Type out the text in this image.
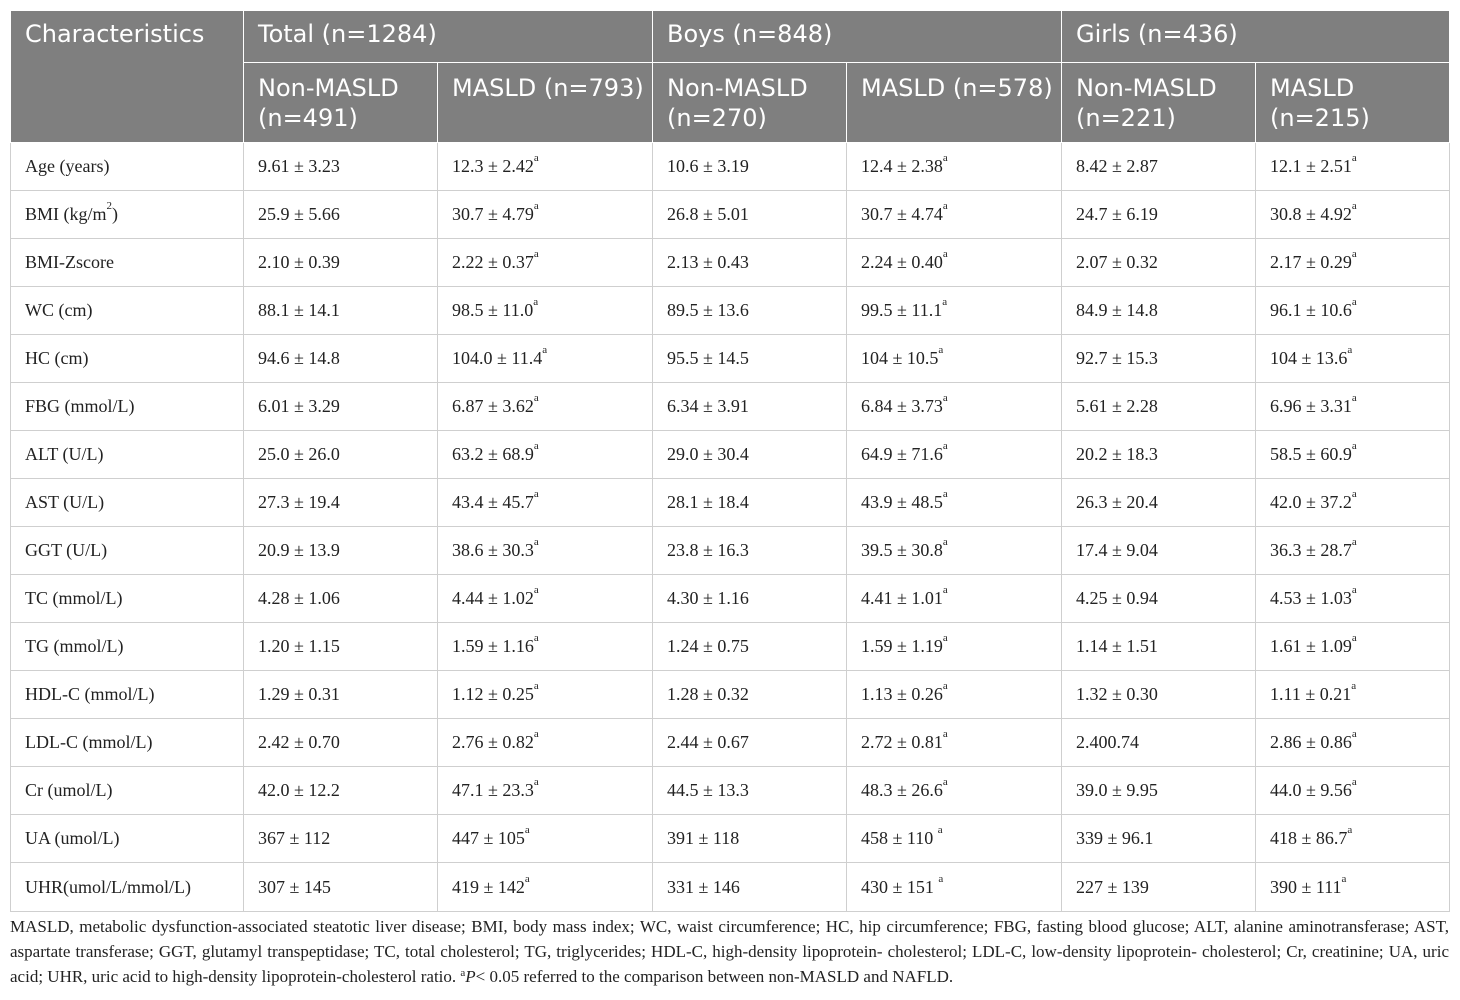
Characteristics	Total (n=1284)		Boys (n=848)		Girls (n=436)	
	Non-MASLD (n=491)	MASLD (n=793)	Non-MASLD (n=270)	MASLD (n=578)	Non-MASLD (n=221)	MASLD (n=215)
Age (years)	9.61 ± 3.23	12.3 ± 2.42$^a$	10.6 ± 3.19	12.4 ± 2.38$^a$	8.42 ± 2.87	12.1 ± 2.51$^a$
BMI $(kg/m^2)$	25.9 ± 5.66	30.7 ± 4.79$^a$	26.8 ± 5.01	30.7 ± 4.74$^a$	24.7 ± 6.19	30.8 ± 4.92$^a$
BMI-Zscore	2.10 ± 0.39	2.22 ± 0.37$^a$	2.13 ± 0.43	2.24 ± 0.40$^a$	2.07 ± 0.32	2.17 ± 0.29$^a$
WC (cm)	88.1 ± 14.1	98.5 ± 11.0$^a$	89.5 ± 13.6	99.5 ± 11.1$^a$	84.9 ± 14.8	96.1 ± 10.6$^a$
HC (cm)	94.6 ± 14.8	104.0 ± 11.4$^a$	95.5 ± 14.5	104 ± 10.5$^a$	92.7 ± 15.3	104 ± 13.6$^a$
FBG (mmol/L)	6.01 ± 3.29	6.87 ± 3.62$^a$	6.34 ± 3.91	6.84 ± 3.73$^a$	5.61 ± 2.28	6.96 ± 3.31$^a$
ALT (U/L)	25.0 ± 26.0	63.2 ± 68.9$^a$	29.0 ± 30.4	64.9 ± 71.6$^a$	20.2 ± 18.3	58.5 ± 60.9$^a$
AST (U/L)	27.3 ± 19.4	43.4 ± 45.7$^a$	28.1 ± 18.4	43.9 ± 48.5$^a$	26.3 ± 20.4	42.0 ± 37.2$^a$
GGT (U/L)	20.9 ± 13.9	38.6 ± 30.3$^a$	23.8 ± 16.3	39.5 ± 30.8$^a$	17.4 ± 9.04	36.3 ± 28.7$^a$
TC (mmol/L)	4.28 ± 1.06	4.44 ± 1.02$^a$	4.30 ± 1.16	4.41 ± 1.01$^a$	4.25 ± 0.94	4.53 ± 1.03$^a$
TG (mmol/L)	1.20 ± 1.15	1.59 ± 1.16$^a$	1.24 ± 0.75	1.59 ± 1.19$^a$	1.14 ± 1.51	1.61 ± 1.09$^a$
HDL-C (mmol/L)	1.29 ± 0.31	1.12 ± 0.25$^a$	1.28 ± 0.32	1.13 ± 0.26$^a$	1.32 ± 0.30	1.11 ± 0.21$^a$
LDL-C (mmol/L)	2.42 ± 0.70	2.76 ± 0.82$^a$	2.44 ± 0.67	2.72 ± 0.81$^a$	2.400.74	2.86 ± 0.86$^a$
Cr (umol/L)	42.0 ± 12.2	47.1 ± 23.3$^a$	44.5 ± 13.3	48.3 ± 26.6$^a$	39.0 ± 9.95	44.0 ± 9.56$^a$
UA (umol/L)	367 ± 112	$447 \pm 105^a$	391 ± 118	458 ± 110 $^a$	339 ± 96.1	418 ± 86.7$^a$
UHR(umol/L/mmol/L)	307 ± 145	$419 \pm 142^a$	331 ± 146	430 ± 151 $^a$	227 ± 139	$390 \pm 111^a$

MASLD, metabolic dysfunction-associated steatotic liver disease; BMI, body mass index; WC, waist circumference; HC, hip circumference; FBG, fasting blood glucose; ALT, alanine aminotransferase; AST, aspartate transferase; GGT, glutamyl transpeptidase; TC, total cholesterol; TG, triglycerides; HDL-C, high-density lipoprotein- cholesterol; LDL-C, low-density lipoprotein- cholesterol; Cr, creatinine; UA, uric acid; UHR, uric acid to high-density lipoprotein-cholesterol ratio. $^a$P< 0.05 referred to the comparison between non-MASLD and NAFLD.
